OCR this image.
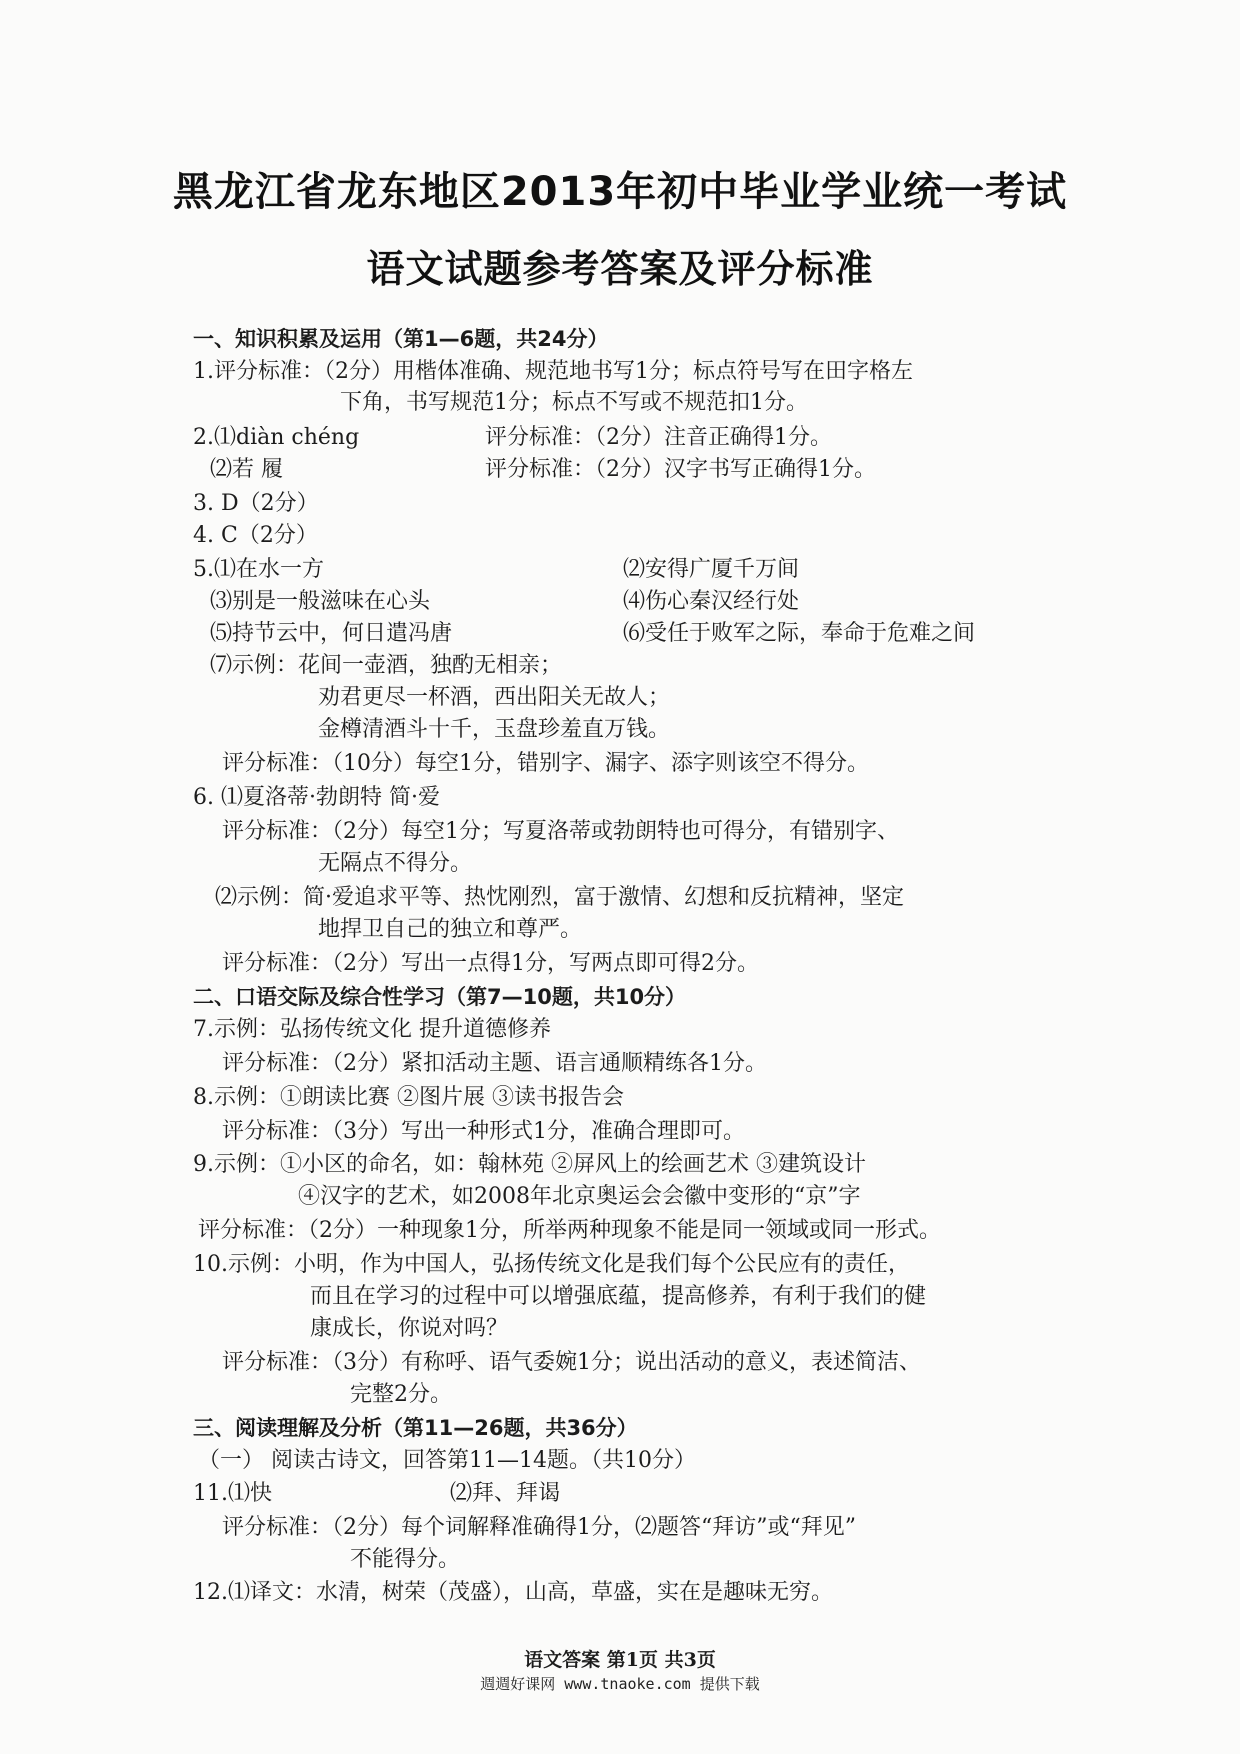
黑龙江省龙东地区2013年初中毕业学业统一考试
语文试题参考答案及评分标准
一、知识积累及运用（第1—6题，共24分）
1.评分标准：（2分）用楷体准确、规范地书写1分；标点符号写在田字格左
下角，书写规范1分；标点不写或不规范扣1分。
2.⑴diàn chéng	评分标准：（2分）注音正确得1分。
⑵若 履	评分标准：（2分）汉字书写正确得1分。
3. D（2分）
4. C（2分）
5.⑴在水一方	⑵安得广厦千万间
⑶别是一般滋味在心头	⑷伤心秦汉经行处
⑸持节云中，何日遣冯唐	⑹受任于败军之际，奉命于危难之间
⑺示例：花间一壶酒，独酌无相亲；
劝君更尽一杯酒，西出阳关无故人；
金樽清酒斗十千，玉盘珍羞直万钱。
评分标准：（10分）每空1分，错别字、漏字、添字则该空不得分。
6. ⑴夏洛蒂·勃朗特 简·爱
评分标准：（2分）每空1分；写夏洛蒂或勃朗特也可得分，有错别字、
无隔点不得分。
⑵示例：简·爱追求平等、热忱刚烈，富于激情、幻想和反抗精神，坚定
地捍卫自己的独立和尊严。
评分标准：（2分）写出一点得1分，写两点即可得2分。
二、口语交际及综合性学习（第7—10题，共10分）
7.示例：弘扬传统文化 提升道德修养
评分标准：（2分）紧扣活动主题、语言通顺精练各1分。
8.示例：①朗读比赛 ②图片展 ③读书报告会
评分标准：（3分）写出一种形式1分，准确合理即可。
9.示例：①小区的命名，如：翰林苑 ②屏风上的绘画艺术 ③建筑设计
④汉字的艺术，如2008年北京奥运会会徽中变形的“京”字
评分标准：（2分）一种现象1分，所举两种现象不能是同一领域或同一形式。
10.示例：小明，作为中国人，弘扬传统文化是我们每个公民应有的责任，
而且在学习的过程中可以增强底蕴，提高修养，有利于我们的健
康成长，你说对吗？
评分标准：（3分）有称呼、语气委婉1分；说出活动的意义，表述简洁、
完整2分。
三、阅读理解及分析（第11—26题，共36分）
（一） 阅读古诗文，回答第11—14题。（共10分）
11.⑴快	⑵拜、拜谒
评分标准：（2分）每个词解释准确得1分，⑵题答“拜访”或“拜见”
不能得分。
12.⑴译文：水清，树荣（茂盛），山高，草盛，实在是趣味无穷。
语文答案 第1页 共3页
週週好课网 www.tnaoke.com 提供下载
